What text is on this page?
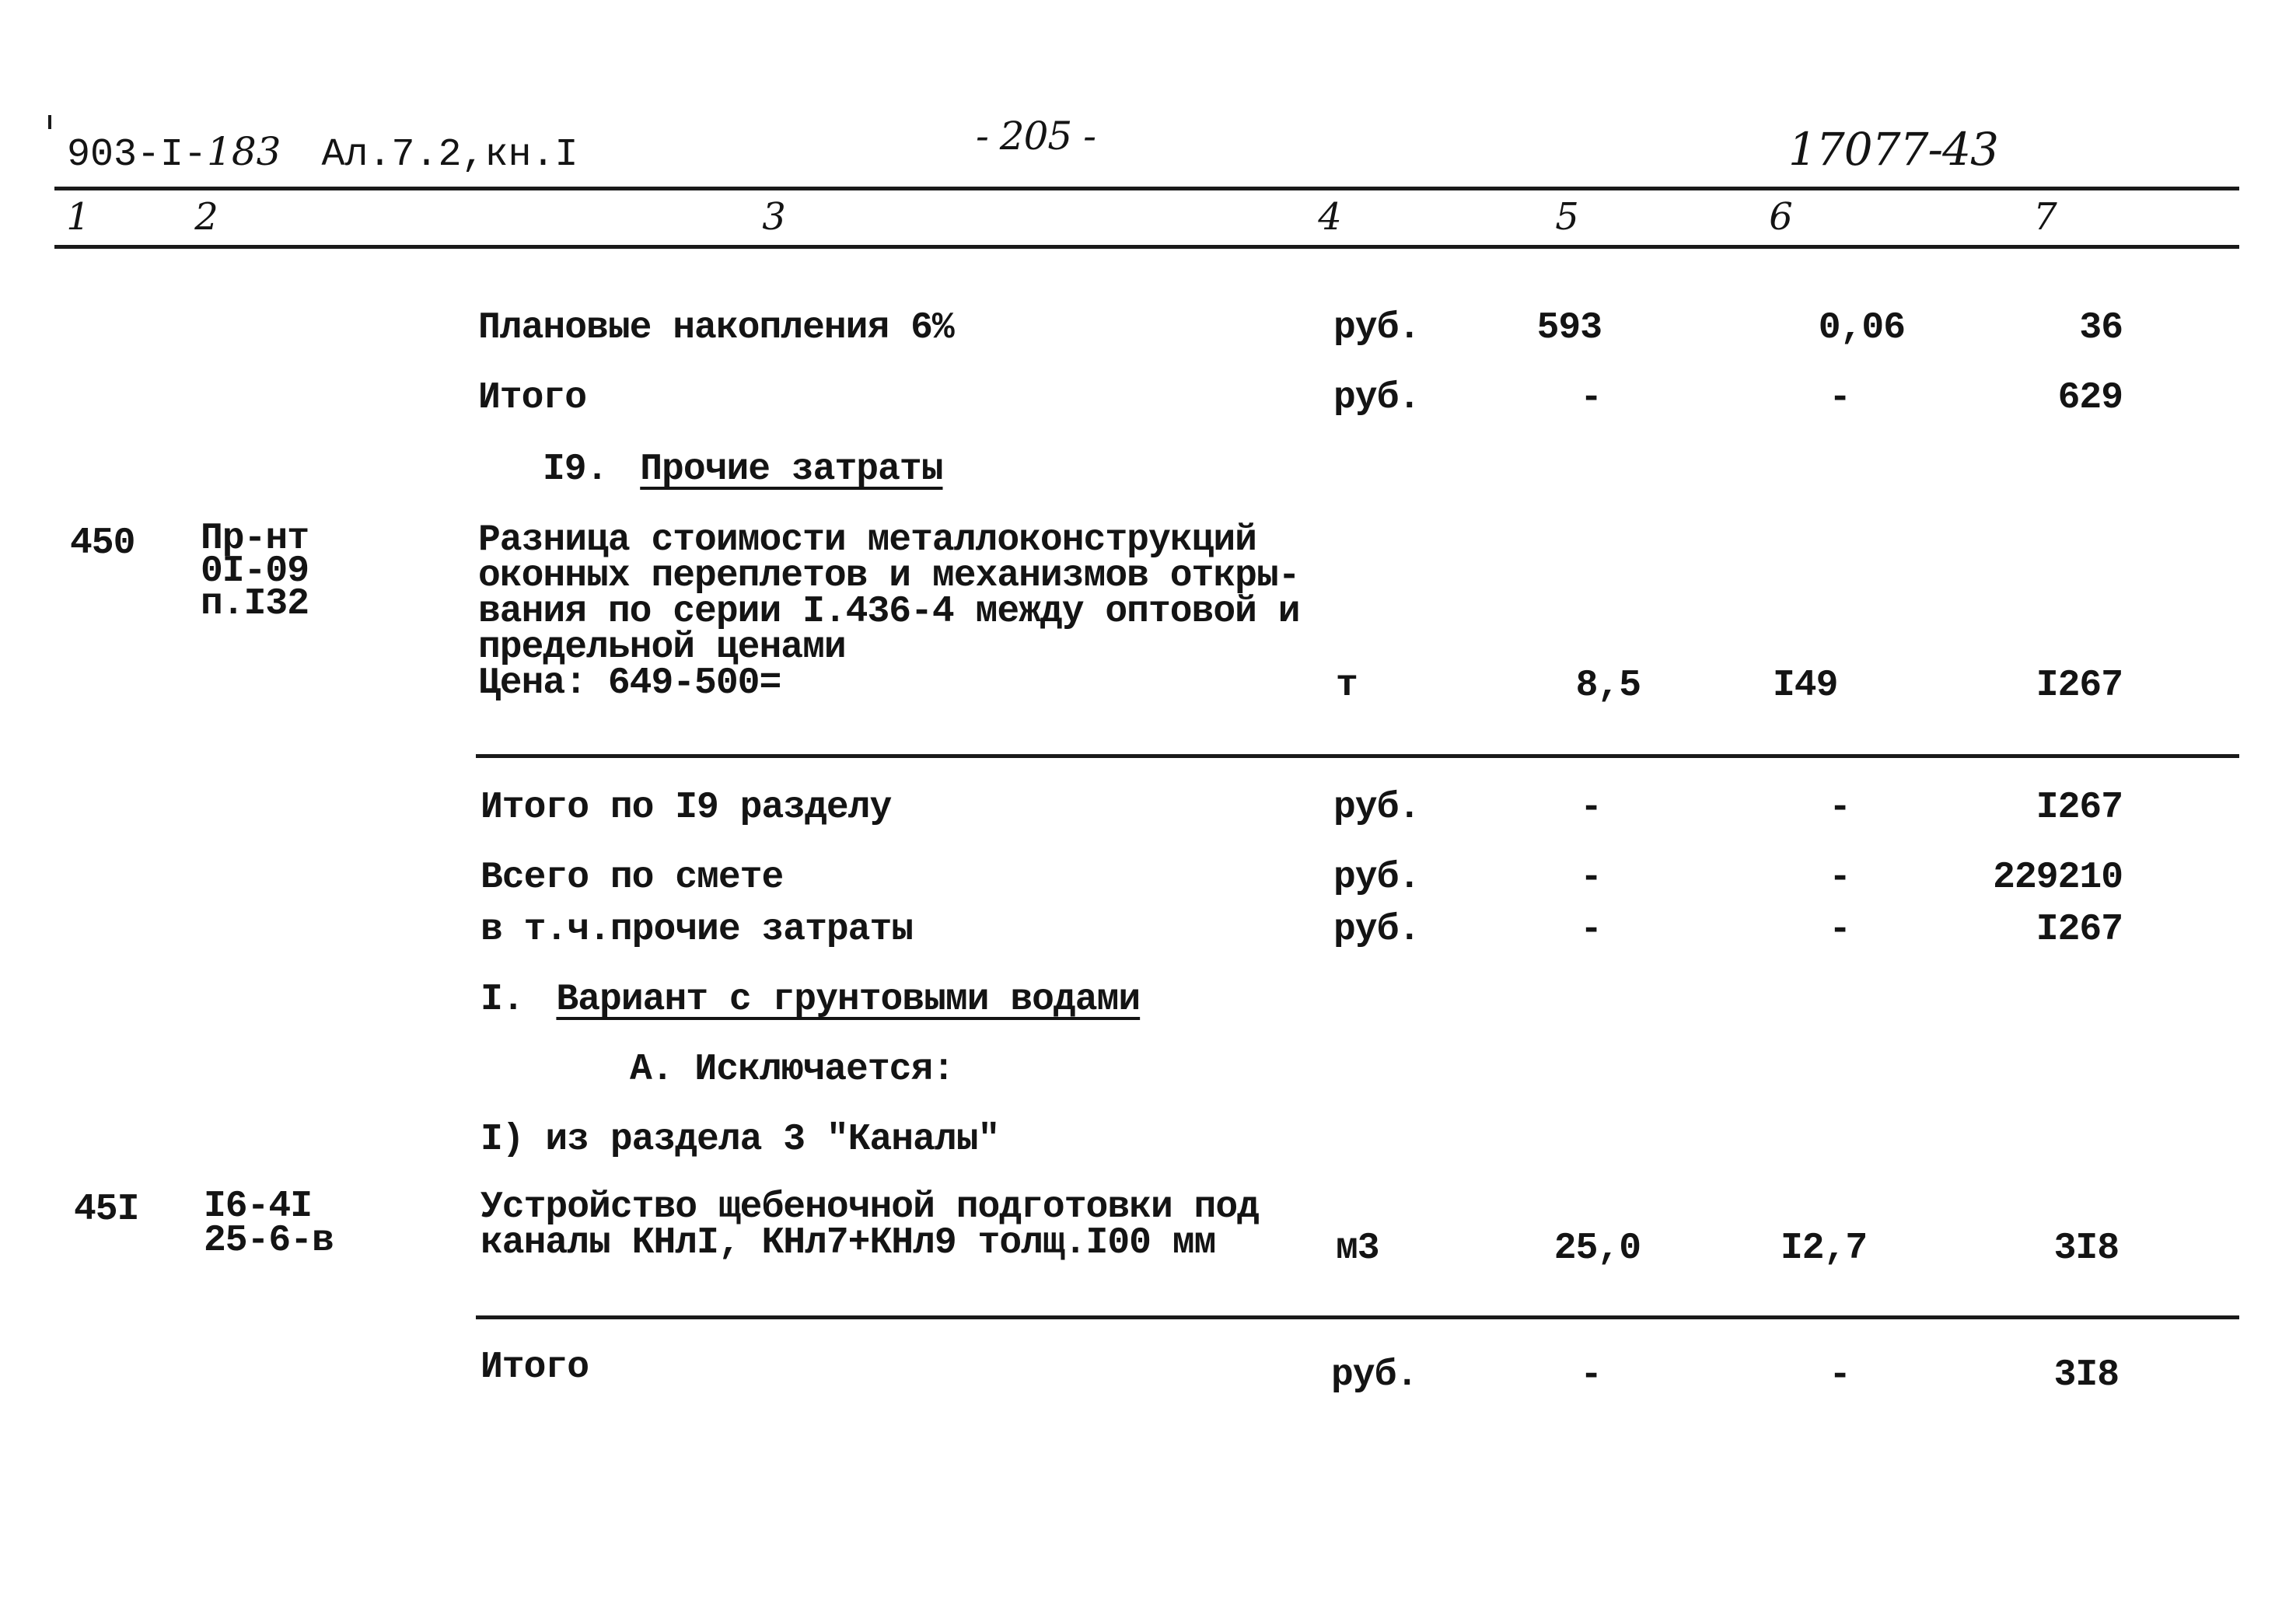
903-I-183 Ал.7.2,кн.I	- 205 -	17077-43
1	2	3	4	5	6	7
Плановые накопления 6%	руб.	593	0,06	36
Итого	руб.	-	-	629
I9. Прочие затраты
450 Пр-нт
0I-09
п.I32
Разница стоимости металлоконструкций
оконных переплетов и механизмов откры-
вания по серии I.436-4 между оптовой и
предельной ценами
Цена: 649-500=	т	8,5	I49	I267
Итого по I9 разделу	руб.	-	-	I267
Всего по смете	руб.	-	-	229210
в т.ч.прочие затраты	руб.	-	-	I267
I. Вариант с грунтовыми водами
А. Исключается:
I) из раздела 3 "Каналы"
45I I6-4I
25-6-в
Устройство щебеночной подготовки под
каналы КНлI, КНл7+КНл9 толщ.I00 мм	м3	25,0	I2,7	3I8
Итого	руб.	-	-	3I8
